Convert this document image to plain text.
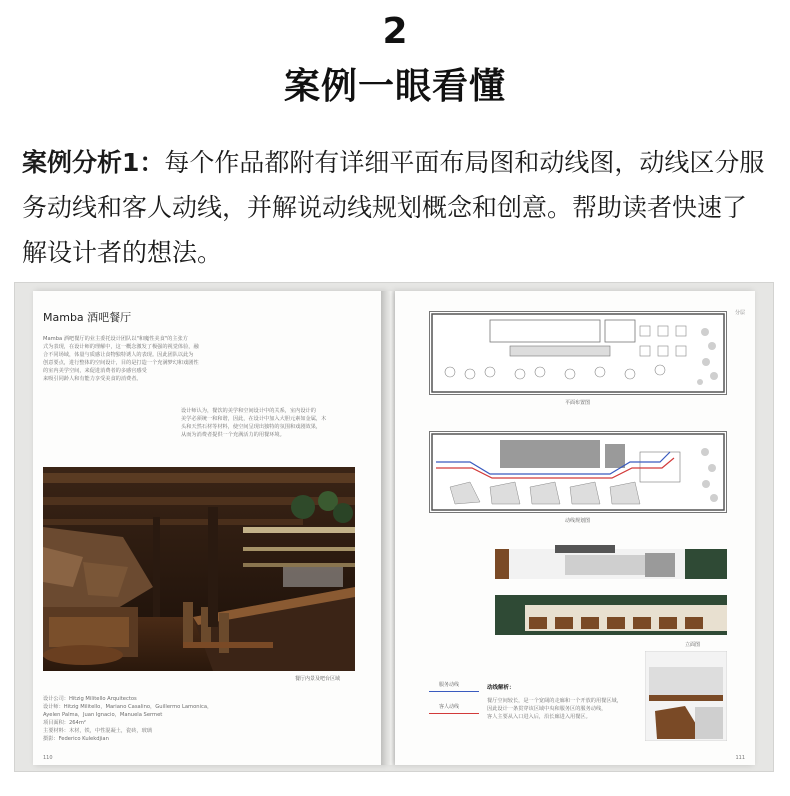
2
案例一眼看懂
案例分析1：每个作品都附有详细平面布局图和动线图，动线区分服务动线和客人动线，并解说动线规划概念和创意。帮助读者快速了解设计者的想法。
Mamba 酒吧餐厅
Mamba 酒吧餐厅的业主委托设计团队以"和魔性美食"的主张方
式为表现，在设计师的理解中，这一概念激发了极强的视觉体验，融
合不同场域，体量与质感让食物独特诱人的表现。因此团队以此为
创意要点，进行整体的空间设计，目的是打造一个充满梦幻和戏剧性
的室内美学空间，来促进消费者的多感官感受
来吸引同龄人和有能力享受美食的消费者。
设计师认为，餐饮的美学和空间设计中的关系，室内设计的
美学必须统一和和谐，因此，在设计中加入大胆元素如金属，木
头和天然石材等材料，使空间呈现出独特的氛围和戏剧效果，
从而为消费者提供一个充满活力的用餐环境。
餐厅内景及吧台区域
设计公司：Hitzig Militello Arquitectos
设计师：Hitzig Militello，Mariano Casalino，Guillermo Lamonica，
Ayelen Palma，Juan Ignacio，Manuela Sermet
项目面积：264m²
主要材料：木材，铁，中性混凝土，瓷砖，玻璃
摄影：Federico Kulekdjian
110
分层
平面布置图
动线规划图
立面图
服务动线
客人动线
动线解析：
餐厅空间较长，是一个宽阔的走廊和一个开放的用餐区域，
因此设计一条贯穿该区域中央和服务区的服务动线，
客人主要从入口进入后，沿长廊进入用餐区。
111
